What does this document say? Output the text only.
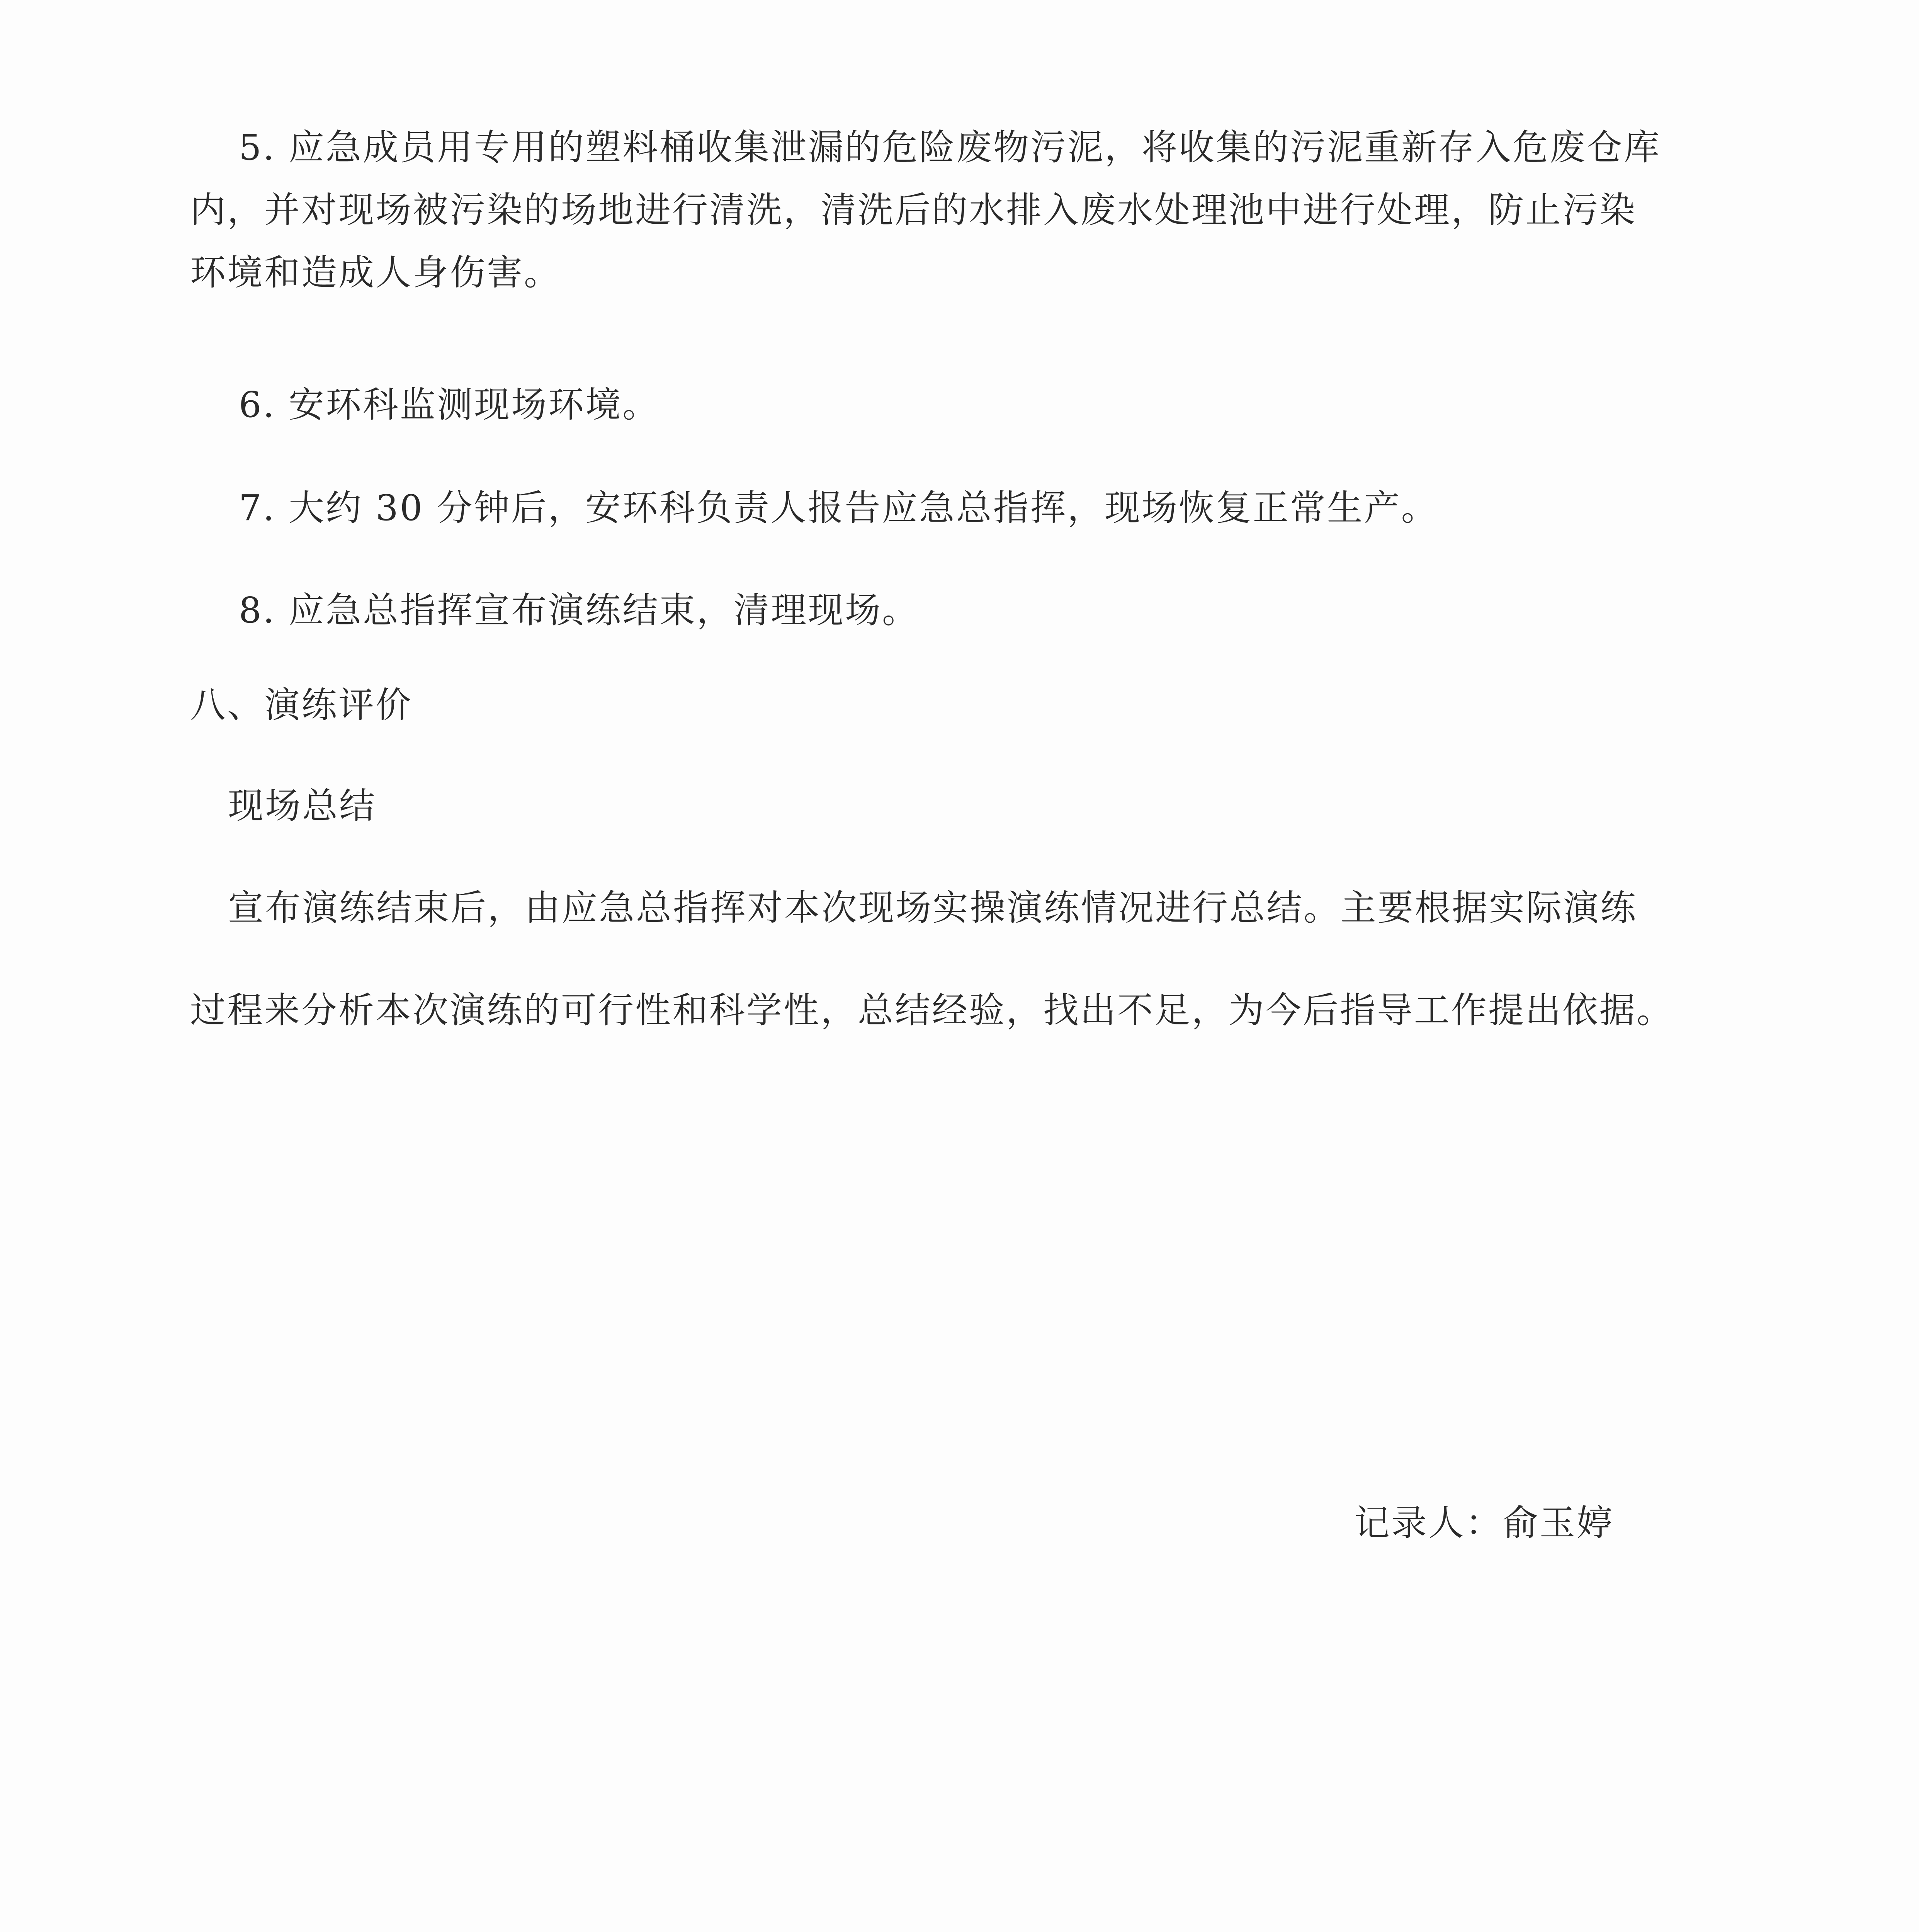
5. 应急成员用专用的塑料桶收集泄漏的危险废物污泥，将收集的污泥重新存入危废仓库
内，并对现场被污染的场地进行清洗，清洗后的水排入废水处理池中进行处理，防止污染
环境和造成人身伤害。
6. 安环科监测现场环境。
7. 大约 30 分钟后，安环科负责人报告应急总指挥，现场恢复正常生产。
8. 应急总指挥宣布演练结束，清理现场。
八、演练评价
现场总结
宣布演练结束后，由应急总指挥对本次现场实操演练情况进行总结。主要根据实际演练
过程来分析本次演练的可行性和科学性，总结经验，找出不足，为今后指导工作提出依据。
记录人：俞玉婷
